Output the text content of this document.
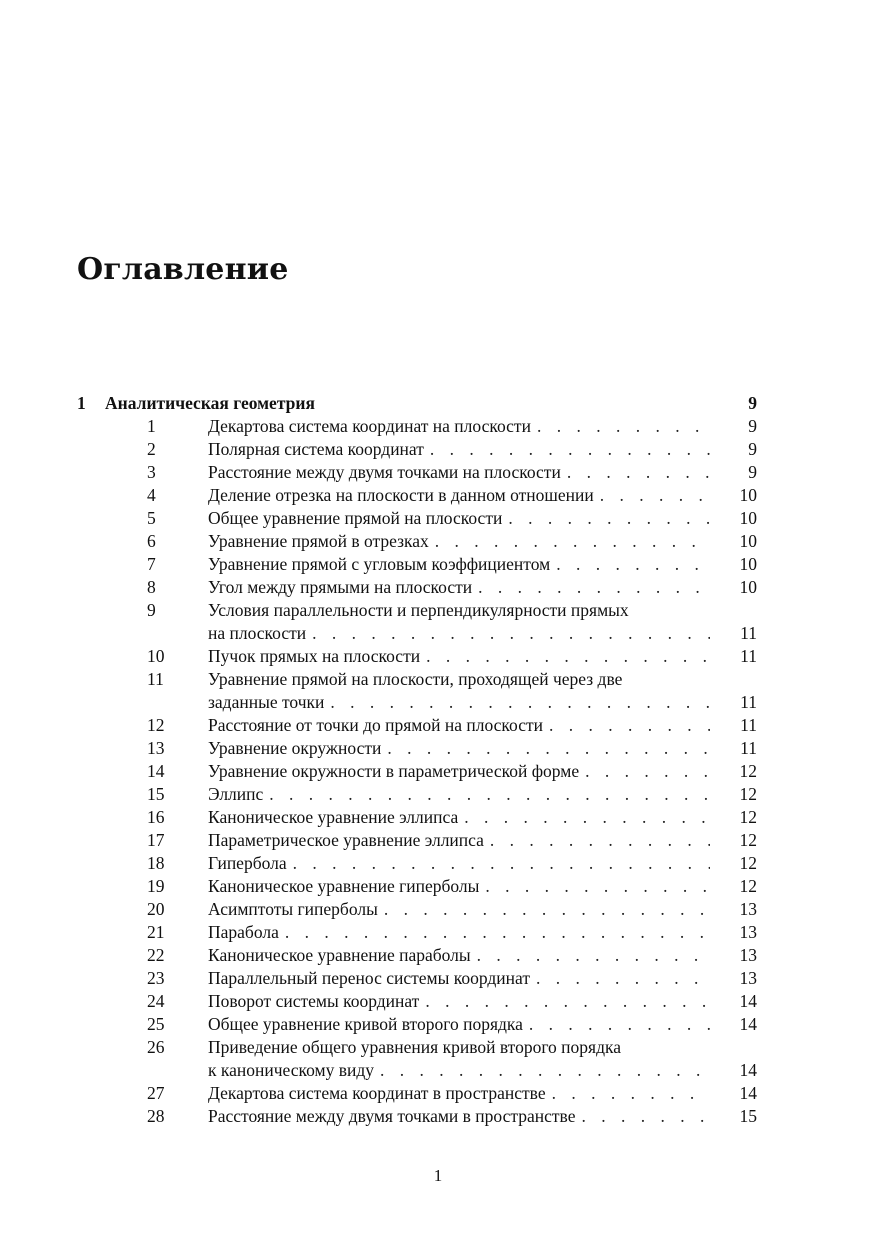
Оглавление
1 Аналитическая геометрия	9
1	Декартова система координат на плоскости . . .	9
2	Полярная система координат . . .	9
3	Расстояние между двумя точками на плоскости . . .	9
4	Деление отрезка на плоскости в данном отношении . . .	10
5	Общее уравнение прямой на плоскости . . .	10
6	Уравнение прямой в отрезках . . .	10
7	Уравнение прямой с угловым коэффициентом . . .	10
8	Угол между прямыми на плоскости . . .	10
9	Условия параллельности и перпендикулярности прямых
на плоскости . . .	11
10 Пучок прямых на плоскости . . .	11
11	Уравнение прямой на плоскости, проходящей через две
заданные точки . . .	11
12 Расстояние от точки до прямой на плоскости . . .	11
13 Уравнение окружности . . .	11
14 Уравнение окружности в параметрической форме . . .	12
15 Эллипс . . .	12
16 Каноническое уравнение эллипса . . .	12
17 Параметрическое уравнение эллипса . . .	12
18 Гипербола . . .	12
19 Каноническое уравнение гиперболы . . .	12
20 Асимптоты гиперболы . . .	13
21 Парабола . . .	13
22 Каноническое уравнение параболы . . .	13
23 Параллельный перенос системы координат . . .	13
24 Поворот системы координат . . .	14
25 Общее уравнение кривой второго порядка . . .	14
26 Приведение общего уравнения кривой второго порядка
к каноническому виду . . .	14
27 Декартова система координат в пространстве . . .	14
28 Расстояние между двумя точками в пространстве . . .	15
1
